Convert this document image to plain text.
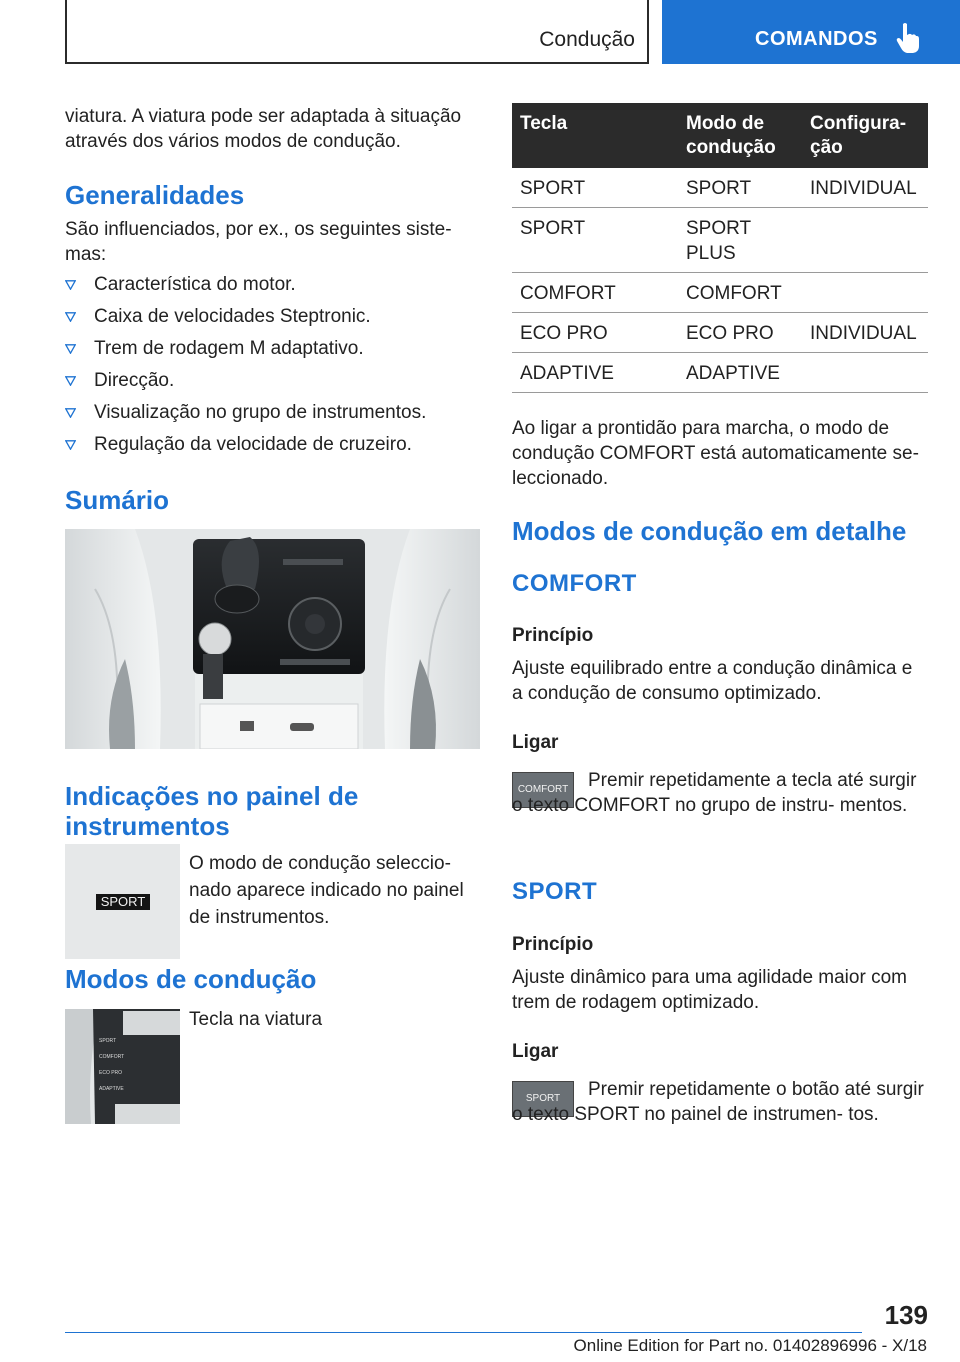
Condução	COMANDOS
viatura. A viatura pode ser adaptada à situação através dos vários modos de condução.
Generalidades
São influenciados, por ex., os seguintes siste‐ mas:
Característica do motor.
Caixa de velocidades Steptronic.
Trem de rodagem M adaptativo.
Direcção.
Visualização no grupo de instrumentos.
Regulação da velocidade de cruzeiro.
Sumário
Indicações no painel de instrumentos
SPORT
O modo de condução seleccio‐ nado aparece indicado no painel de instrumentos.
Modos de condução
SPORT
COMFORT
ECO PRO
ADAPTIVE
Tecla na viatura
Tecla	Modo de condução	Configura‐ ção
SPORT	SPORT	INDIVIDUAL
SPORT	SPORT PLUS	
COMFORT	COMFORT	
ECO PRO	ECO PRO	INDIVIDUAL
ADAPTIVE	ADAPTIVE	
Ao ligar a prontidão para marcha, o modo de condução COMFORT está automaticamente se‐ leccionado.
Modos de condução em detalhe
COMFORT
Princípio
Ajuste equilibrado entre a condução dinâmica e a condução de consumo optimizado.
Ligar
COMFORT	Premir repetidamente a tecla até surgir o texto COMFORT no grupo de instru‐ mentos.
SPORT
Princípio
Ajuste dinâmico para uma agilidade maior com trem de rodagem optimizado.
Ligar
SPORT	Premir repetidamente o botão até surgir o texto SPORT no painel de instrumen‐ tos.
139
Online Edition for Part no. 01402896996 - X/18
